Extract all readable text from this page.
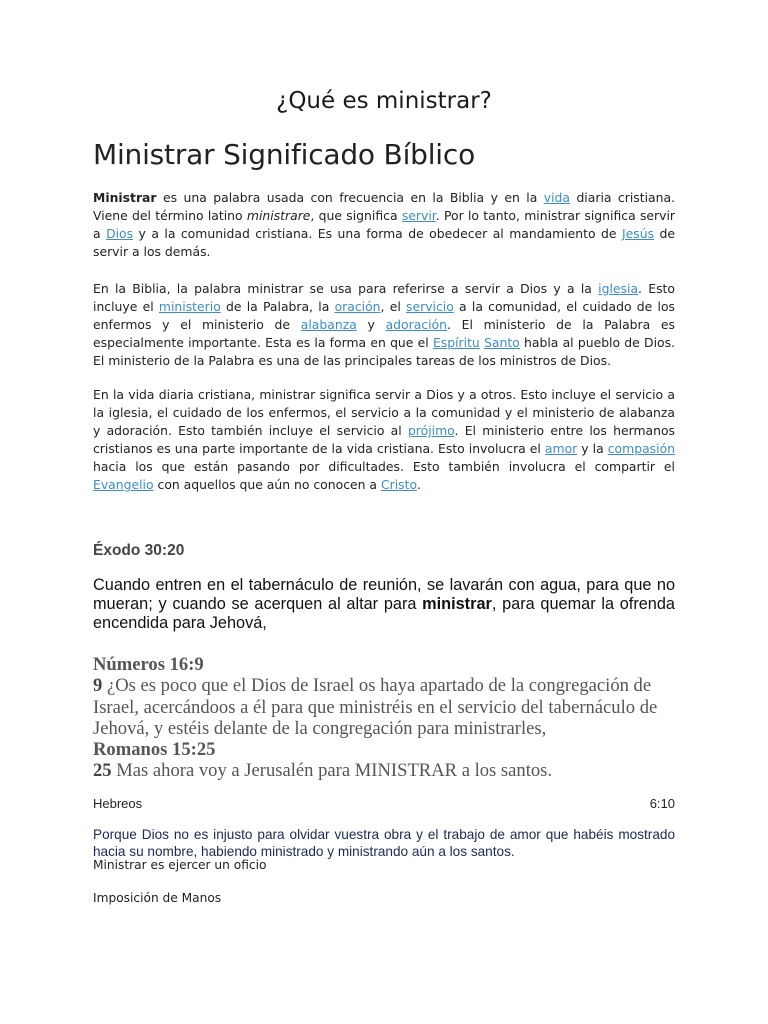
¿Qué es ministrar?
Ministrar Significado Bíblico
Ministrar es una palabra usada con frecuencia en la Biblia y en la vida diaria cristiana. Viene del término latino ministrare, que significa servir. Por lo tanto, ministrar significa servir a Dios y a la comunidad cristiana. Es una forma de obedecer al mandamiento de Jesús de servir a los demás.
En la Biblia, la palabra ministrar se usa para referirse a servir a Dios y a la iglesia. Esto incluye el ministerio de la Palabra, la oración, el servicio a la comunidad, el cuidado de los enfermos y el ministerio de alabanza y adoración. El ministerio de la Palabra es especialmente importante. Esta es la forma en que el Espíritu Santo habla al pueblo de Dios. El ministerio de la Palabra es una de las principales tareas de los ministros de Dios.
En la vida diaria cristiana, ministrar significa servir a Dios y a otros. Esto incluye el servicio a la iglesia, el cuidado de los enfermos, el servicio a la comunidad y el ministerio de alabanza y adoración. Esto también incluye el servicio al prójimo. El ministerio entre los hermanos cristianos es una parte importante de la vida cristiana. Esto involucra el amor y la compasión hacia los que están pasando por dificultades. Esto también involucra el compartir el Evangelio con aquellos que aún no conocen a Cristo.
Éxodo 30:20
Cuando entren en el tabernáculo de reunión, se lavarán con agua, para que no mueran; y cuando se acerquen al altar para ministrar, para quemar la ofrenda encendida para Jehová,
Números 16:9
9 ¿Os es poco que el Dios de Israel os haya apartado de la congregación de Israel, acercándoos a él para que ministréis en el servicio del tabernáculo de Jehová, y estéis delante de la congregación para ministrarles,
Romanos 15:25
25 Mas ahora voy a Jerusalén para MINISTRAR a los santos.
Hebreos	6:10
Porque Dios no es injusto para olvidar vuestra obra y el trabajo de amor que habéis mostrado hacia su nombre, habiendo ministrado y ministrando aún a los santos.
Ministrar es ejercer un oficio
Imposición de Manos
